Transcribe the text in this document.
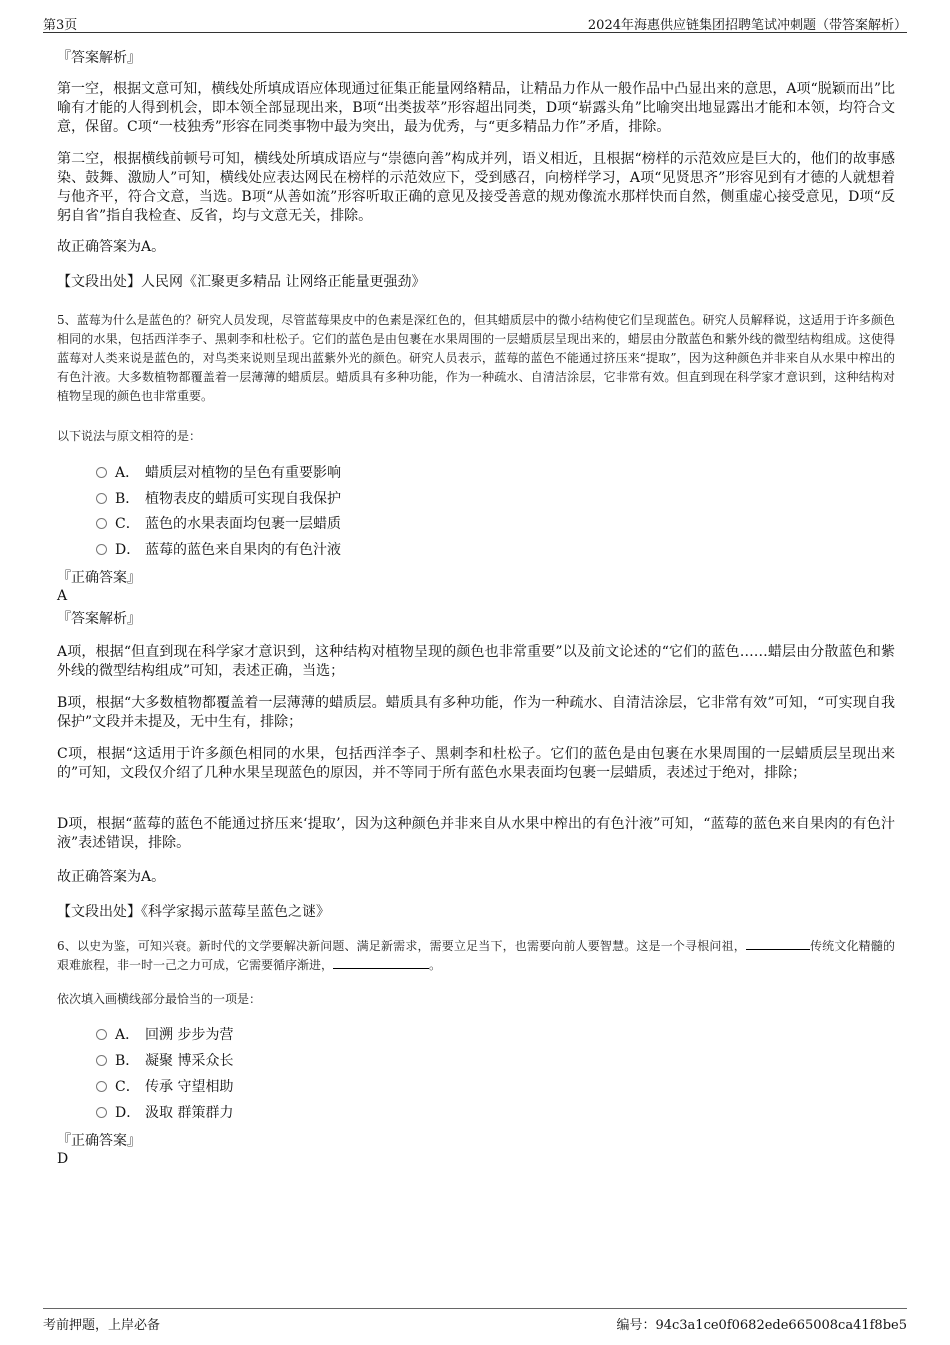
第3页	2024年海惠供应链集团招聘笔试冲刺题（带答案解析）
『答案解析』
第一空，根据文意可知，横线处所填成语应体现通过征集正能量网络精品，让精品力作从一般作品中凸显出来的意思，A项“脱颖而出”比喻有才能的人得到机会，即本领全部显现出来，B项“出类拔萃”形容超出同类，D项“崭露头角”比喻突出地显露出才能和本领，均符合文意，保留。C项“一枝独秀”形容在同类事物中最为突出，最为优秀，与“更多精品力作”矛盾，排除。
第二空，根据横线前顿号可知，横线处所填成语应与“崇德向善”构成并列，语义相近，且根据“榜样的示范效应是巨大的，他们的故事感染、鼓舞、激励人”可知，横线处应表达网民在榜样的示范效应下，受到感召，向榜样学习，A项“见贤思齐”形容见到有才德的人就想着与他齐平，符合文意，当选。B项“从善如流”形容听取正确的意见及接受善意的规劝像流水那样快而自然，侧重虚心接受意见，D项“反躬自省”指自我检查、反省，均与文意无关，排除。
故正确答案为A。
【文段出处】人民网《汇聚更多精品 让网络正能量更强劲》
5、蓝莓为什么是蓝色的？研究人员发现，尽管蓝莓果皮中的色素是深红色的，但其蜡质层中的微小结构使它们呈现蓝色。研究人员解释说，这适用于许多颜色相同的水果，包括西洋李子、黑刺李和杜松子。它们的蓝色是由包裹在水果周围的一层蜡质层呈现出来的，蜡层由分散蓝色和紫外线的微型结构组成。这使得蓝莓对人类来说是蓝色的，对鸟类来说则呈现出蓝紫外光的颜色。研究人员表示，蓝莓的蓝色不能通过挤压来“提取”，因为这种颜色并非来自从水果中榨出的有色汁液。大多数植物都覆盖着一层薄薄的蜡质层。蜡质具有多种功能，作为一种疏水、自清洁涂层，它非常有效。但直到现在科学家才意识到，这种结构对植物呈现的颜色也非常重要。
以下说法与原文相符的是：
A． 蜡质层对植物的呈色有重要影响
B． 植物表皮的蜡质可实现自我保护
C． 蓝色的水果表面均包裹一层蜡质
D． 蓝莓的蓝色来自果肉的有色汁液
『正确答案』
A
『答案解析』
A项，根据“但直到现在科学家才意识到，这种结构对植物呈现的颜色也非常重要”以及前文论述的“它们的蓝色……蜡层由分散蓝色和紫外线的微型结构组成”可知，表述正确，当选；
B项，根据“大多数植物都覆盖着一层薄薄的蜡质层。蜡质具有多种功能，作为一种疏水、自清洁涂层，它非常有效”可知，“可实现自我保护”文段并未提及，无中生有，排除；
C项，根据“这适用于许多颜色相同的水果，包括西洋李子、黑刺李和杜松子。它们的蓝色是由包裹在水果周围的一层蜡质层呈现出来的”可知，文段仅介绍了几种水果呈现蓝色的原因，并不等同于所有蓝色水果表面均包裹一层蜡质，表述过于绝对，排除；
D项，根据“蓝莓的蓝色不能通过挤压来‘提取’，因为这种颜色并非来自从水果中榨出的有色汁液”可知，“蓝莓的蓝色来自果肉的有色汁液”表述错误，排除。
故正确答案为A。
【文段出处】《科学家揭示蓝莓呈蓝色之谜》
6、以史为鉴，可知兴衰。新时代的文学要解决新问题、满足新需求，需要立足当下，也需要向前人要智慧。这是一个寻根问祖，	传统文化精髓的艰难旅程，非一时一己之力可成，它需要循序渐进，	。
依次填入画横线部分最恰当的一项是：
A． 回溯 步步为营
B． 凝聚 博采众长
C． 传承 守望相助
D． 汲取 群策群力
『正确答案』
D
考前押题，上岸必备	编号：94c3a1ce0f0682ede665008ca41f8be5
